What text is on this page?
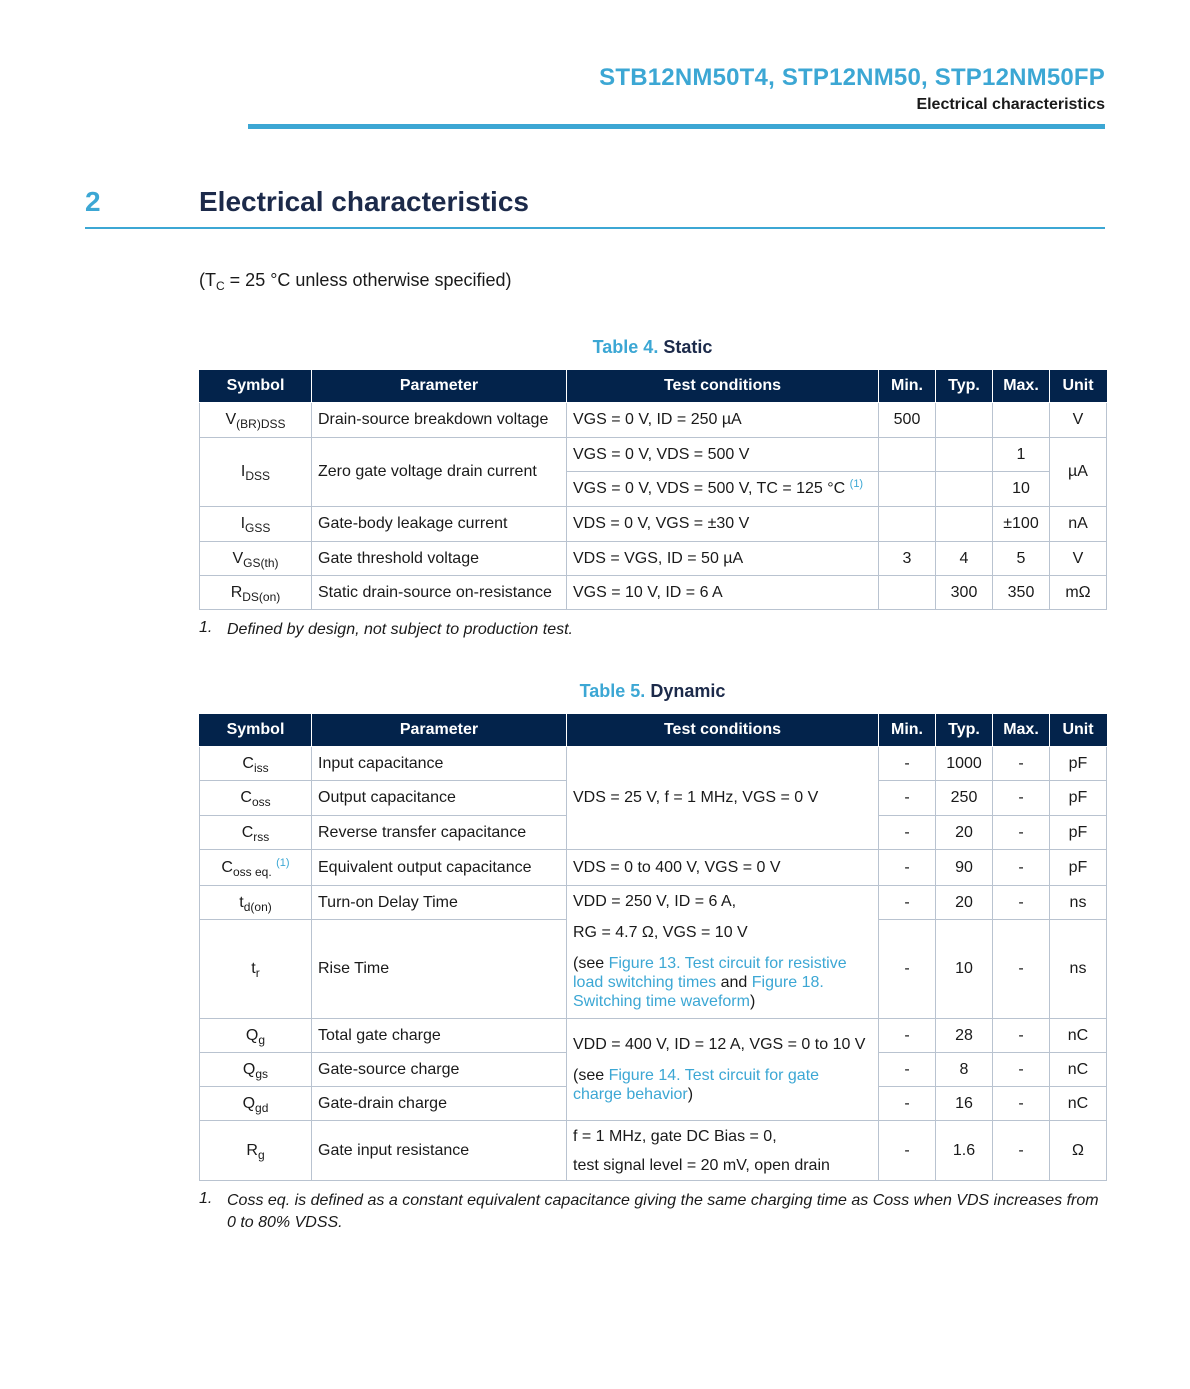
STB12NM50T4, STP12NM50, STP12NM50FP
Electrical characteristics
2	Electrical characteristics
($T_C = 25$ °C unless otherwise specified)
Table 4. Static
Symbol	Parameter	Test conditions	Min.	Typ.	Max.	Unit
$V_{(BR)DSS}$	Drain-source breakdown voltage	VGS = 0 V, ID = 250 µA	500			V
$I_{DSS}$	Zero gate voltage drain current	VGS = 0 V, VDS = 500 V			1	µA
		VGS = 0 V, VDS = 500 V, TC = 125 °C $^{(1)}$			10	
$I_{GSS}$	Gate-body leakage current	VDS = 0 V, VGS = ±30 V			±100	nA
$V_{GS(th)}$	Gate threshold voltage	VDS = VGS, ID = 50 µA	3	4	5	V
$R_{DS(on)}$	Static drain-source on-resistance	VGS = 10 V, ID = 6 A		300	350	mΩ
1. Defined by design, not subject to production test.
Table 5. Dynamic
Symbol	Parameter	Test conditions	Min.	Typ.	Max.	Unit
$C_{iss}$	Input capacitance	VDS = 25 V, f = 1 MHz, VGS = 0 V	-	1000	-	pF
$C_{oss}$	Output capacitance		-	250	-	pF
$C_{rss}$	Reverse transfer capacitance		-	20	-	pF
$C_{oss eq.}$ $^{(1)}$	Equivalent output capacitance	VDS = 0 to 400 V, VGS = 0 V	-	90	-	pF
$t_{d(on)}$	Turn-on Delay Time	VDD = 250 V, ID = 6 A,
RG = 4.7 Ω, VGS = 10 V
(see Figure 13. Test circuit for resistive load switching times and Figure 18. Switching time waveform)	-	20	-	ns
$t_r$	Rise Time		-	10	-	ns
$Q_g$	Total gate charge	VDD = 400 V, ID = 12 A, VGS = 0 to 10 V
(see Figure 14. Test circuit for gate charge behavior)	-	28	-	nC
$Q_{gs}$	Gate-source charge		-	8	-	nC
$Q_{gd}$	Gate-drain charge		-	16	-	nC
$R_g$	Gate input resistance	f = 1 MHz, gate DC Bias = 0,
test signal level = 20 mV, open drain	-	1.6	-	Ω
1. Coss eq. is defined as a constant equivalent capacitance giving the same charging time as Coss when VDS increases from 0 to 80% VDSS.
